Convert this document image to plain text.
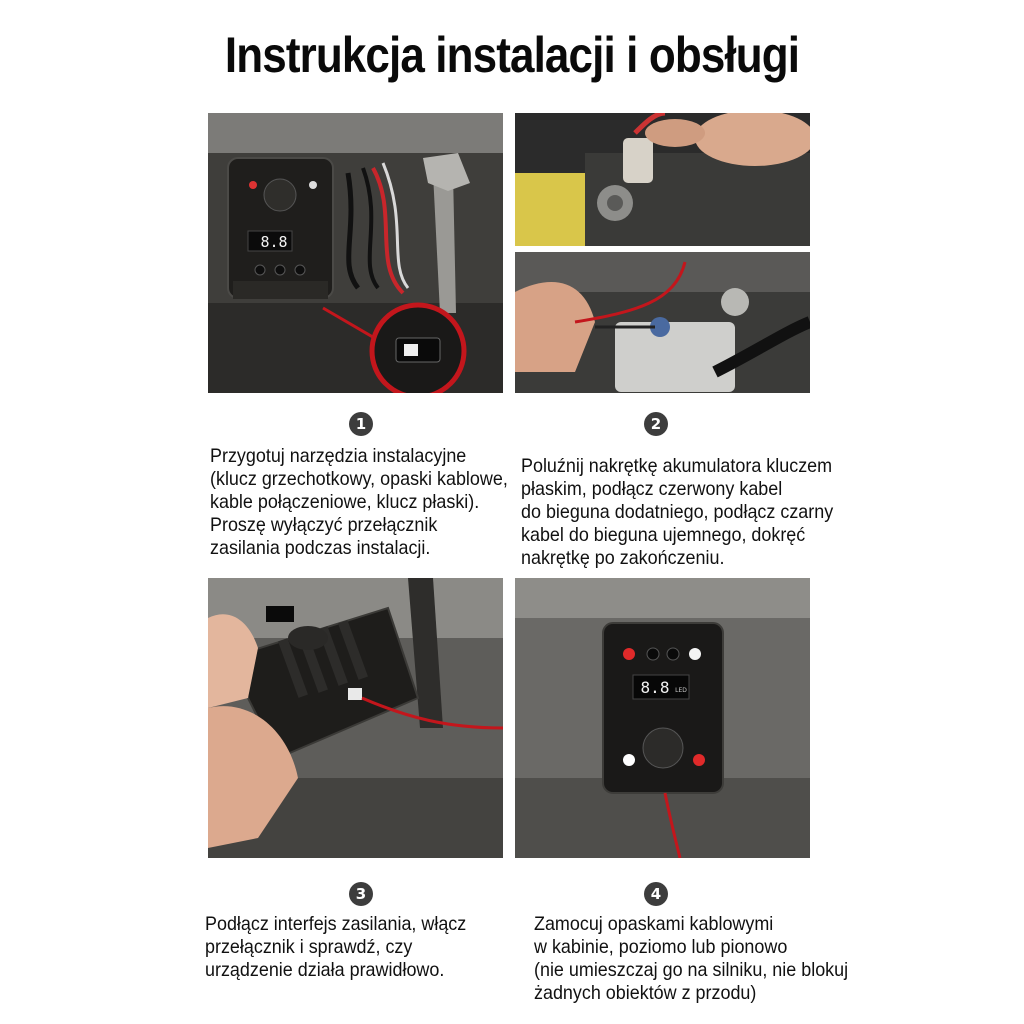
Instrukcja instalacji i obsługi
8.8
1	2

Przygotuj narzędzia instalacyjne
(klucz grzechotkowy, opaski kablowe,
kable połączeniowe, klucz płaski).
Proszę wyłączyć przełącznik
zasilania podczas instalacji.

Poluźnij nakrętkę akumulatora kluczem
płaskim, podłącz czerwony kabel
do bieguna dodatniego, podłącz czarny
kabel do bieguna ujemnego, dokręć
nakrętkę po zakończeniu.

8.8 LED
3	4

Podłącz interfejs zasilania, włącz
przełącznik i sprawdź, czy
urządzenie działa prawidłowo.

Zamocuj opaskami kablowymi
w kabinie, poziomo lub pionowo
(nie umieszczaj go na silniku, nie blokuj
żadnych obiektów z przodu)
